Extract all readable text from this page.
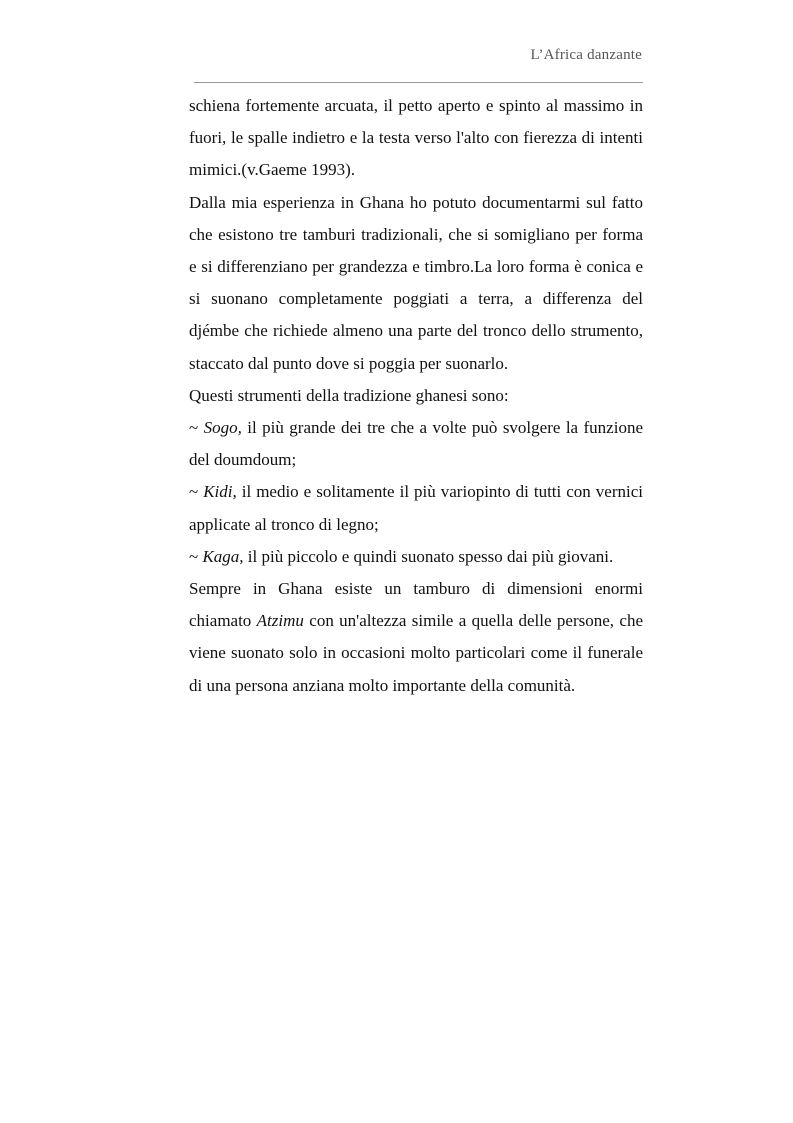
L’Africa danzante

schiena fortemente arcuata, il petto aperto e spinto al massimo in fuori, le spalle indietro e la testa verso l'alto con fierezza di intenti mimici.(v.Gaeme 1993).

Dalla mia esperienza in Ghana ho potuto documentarmi sul fatto che esistono tre tamburi tradizionali, che si somigliano per forma e si differenziano per grandezza e timbro.La loro forma è conica e si suonano completamente poggiati a terra, a differenza del djémbe che richiede almeno una parte del tronco dello strumento, staccato dal punto dove si poggia per suonarlo.

Questi strumenti della tradizione ghanesi sono:

~ Sogo, il più grande dei tre che a volte può svolgere la funzione del doumdoum;

~ Kidi, il medio e solitamente il più variopinto di tutti con vernici applicate al tronco di legno;

~ Kaga, il più piccolo e quindi suonato spesso dai più giovani.

Sempre in Ghana esiste un tamburo di dimensioni enormi chiamato Atzimu con un'altezza simile a quella delle persone, che viene suonato solo in occasioni molto particolari come il funerale di una persona anziana molto importante della comunità.
